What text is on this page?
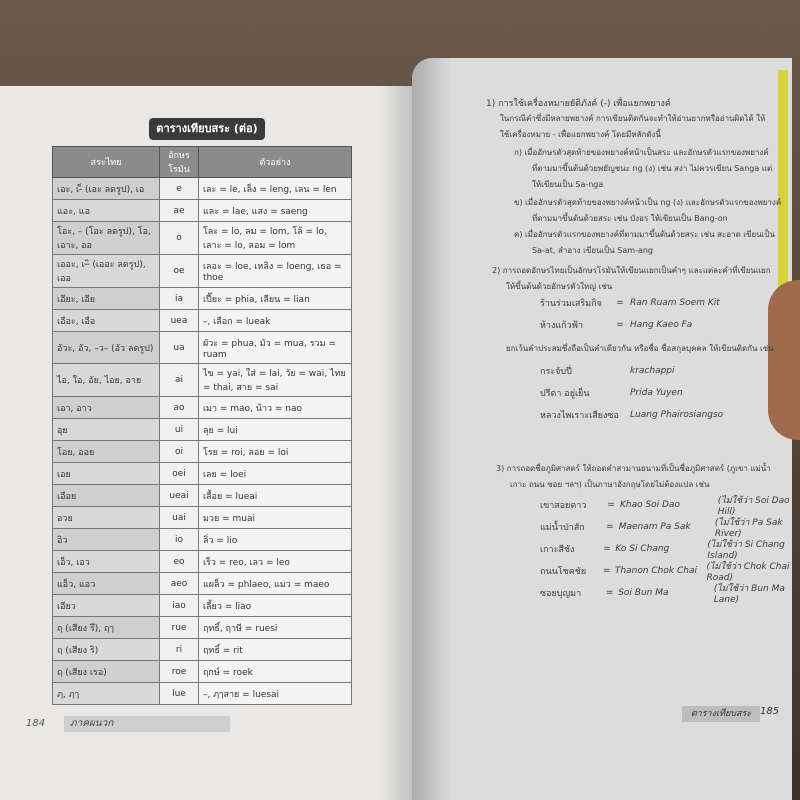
ตารางเทียบสระ (ต่อ)
สระไทย	อักษรโรมัน	ตัวอย่าง
เอะ, เ-็ (เอะ ลดรูป), เอ	e	เละ = le, เล็ง = leng, เลน = len
แอะ, แอ	ae	และ = lae, แสง = saeng
โอะ, – (โอะ ลดรูป), โอ, เอาะ, ออ	o	โละ = lo, ลม = lom, โล้ = lo, เลาะ = lo, ลอม = lom
เออะ, เ–ิ (เออะ ลดรูป), เออ	oe	เลอะ = loe, เหลิง = loeng, เธอ = thoe
เอียะ, เอีย	ia	เปี๊ยะ = phia, เลียน = lian
เอือะ, เอือ	uea	–, เลือก = lueak
อัวะ, อัว, –ว– (อัว ลดรูป)	ua	ผัวะ = phua, มัว = mua, รวม = ruam
ไอ, ใอ, อัย, ไอย, อาย	ai	ไข = yai, ใส่ = lai, วัย = wai, ไทย = thai, สาย = sai
เอา, อาว	ao	เมา = mao, น้าว = nao
อุย	ui	ลุย = lui
โอย, ออย	oi	โรย = roi, ลอย = loi
เอย	oei	เลย = loei
เอือย	ueai	เลื้อย = lueai
อวย	uai	มวย = muai
อิว	io	ลิ่ว = lio
เอ็ว, เอว	eo	เร็ว = reo, เลว = leo
แอ็ว, แอว	aeo	แผล็ว = phlaeo, แมว = maeo
เอียว	iao	เลี้ยว = liao
ฤ (เสียง รึ), ฤๅ	rue	ฤทธิ์, ฤาษี = ruesi
ฤ (เสียง ริ)	ri	ฤทธิ์ = rit
ฤ (เสียง เรอ)	roe	ฤกษ์ = roek
ฦ, ฦๅ	lue	–, ฦๅสาย = luesai
184	ภาคผนวก
1) การใช้เครื่องหมายยัติภังค์ (-) เพื่อแยกพยางค์
ในกรณีคำซึ่งมีหลายพยางค์ การเขียนติดกันจะทำให้อ่านยากหรืออ่านผิดได้ ให้
ใช้เครื่องหมาย - เพื่อแยกพยางค์ โดยมีหลักดังนี้
ก) เมื่ออักษรตัวสุดท้ายของพยางค์หน้าเป็นสระ และอักษรตัวแรกของพยางค์
ที่ตามมาขึ้นต้นด้วยพยัญชนะ ng (ง) เช่น สง่า ไม่ควรเขียน Sanga แต่
ให้เขียนเป็น Sa-nga
ข) เมื่ออักษรตัวสุดท้ายของพยางค์หน้าเป็น ng (ง) และอักษรตัวแรกของพยางค์
ที่ตามมาขึ้นต้นด้วยสระ เช่น บังอร ให้เขียนเป็น Bang-on
ค) เมื่ออักษรตัวแรกของพยางค์ที่ตามมาขึ้นต้นด้วยสระ เช่น สะอาด เขียนเป็น
Sa-at, สำอาง เขียนเป็น Sam-ang
2) การถอดอักษรไทยเป็นอักษรโรมันให้เขียนแยกเป็นคำๆ และแต่ละคำที่เขียนแยก
ให้ขึ้นต้นด้วยอักษรตัวใหญ่ เช่น
ร้านร่วมเสริมกิจ	= Ran Ruam Soem Kit
ห้างแก้วฟ้า	= Hang Kaeo Fa
ยกเว้นคำประสมซึ่งถือเป็นคำเดียวกัน หรือชื่อ ชื่อสกุลบุคคล ให้เขียนติดกัน เช่น
กระจับปี่	krachappi
ปรีดา อยู่เย็น	Prida Yuyen
หลวงไพเราะเสียงซอ	Luang Phairosiangso
3) การถอดชื่อภูมิศาสตร์ ให้ถอดคำสามานยนามที่เป็นชื่อภูมิศาสตร์ (ภูเขา แม่น้ำ
เกาะ ถนน ซอย ฯลฯ) เป็นภาษาอังกฤษโดยไม่ต้องแปล เช่น
เขาสอยดาว	= Khao Soi Dao	(ไม่ใช้ว่า Soi Dao Hill)
แม่น้ำป่าสัก	= Maenam Pa Sak	(ไม่ใช้ว่า Pa Sak River)
เกาะสีชัง	= Ko Si Chang	(ไม่ใช้ว่า Si Chang Island)
ถนนโชคชัย	= Thanon Chok Chai	(ไม่ใช้ว่า Chok Chai Road)
ซอยบุญมา	= Soi Bun Ma	(ไม่ใช้ว่า Bun Ma Lane)
ตารางเทียบสระ 185
